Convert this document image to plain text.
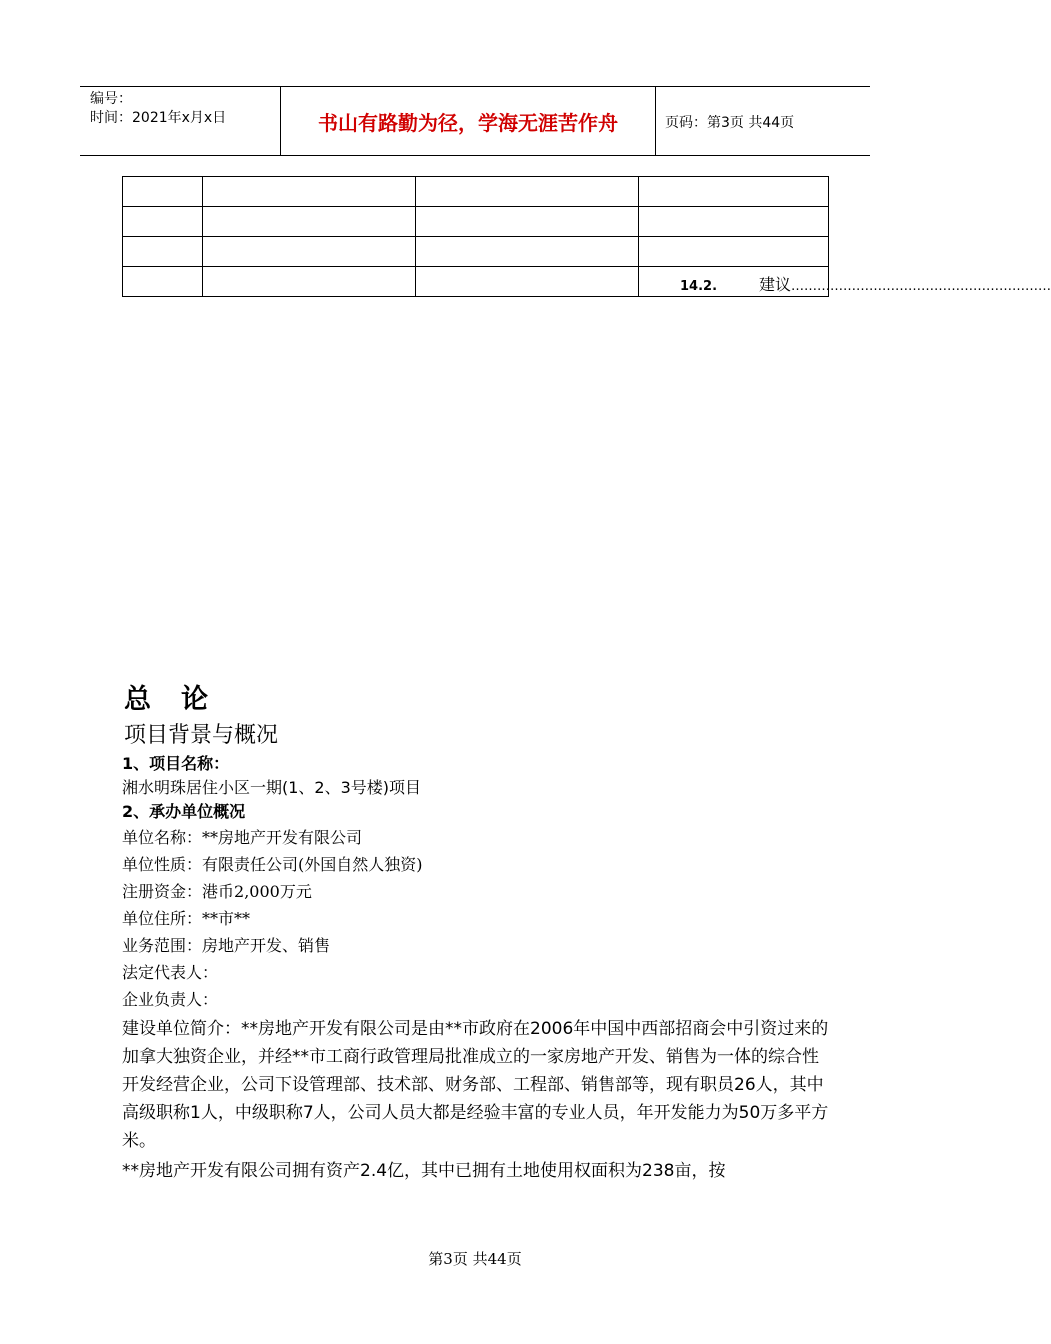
编号：
时间：2021年x月x日	书山有路勤为径，学海无涯苦作舟	页码：第3页 共44页

14.2.	建议……………………………………………………
总论
项目背景与概况
1、项目名称：
湘水明珠居住小区一期(1、2、3号楼)项目
2、承办单位概况
单位名称：**房地产开发有限公司
单位性质：有限责任公司(外国自然人独资)
注册资金：港币2,000万元
单位住所：**市**
业务范围：房地产开发、销售
法定代表人：
企业负责人：
建设单位简介：**房地产开发有限公司是由**市政府在2006年中国中西部招商会中引资过来的加拿大独资企业，并经**市工商行政管理局批准成立的一家房地产开发、销售为一体的综合性开发经营企业，公司下设管理部、技术部、财务部、工程部、销售部等，现有职员26人，其中高级职称1人，中级职称7人，公司人员大都是经验丰富的专业人员，年开发能力为50万多平方米。
**房地产开发有限公司拥有资产2.4亿，其中已拥有土地使用权面积为238亩，按
第3页 共44页
